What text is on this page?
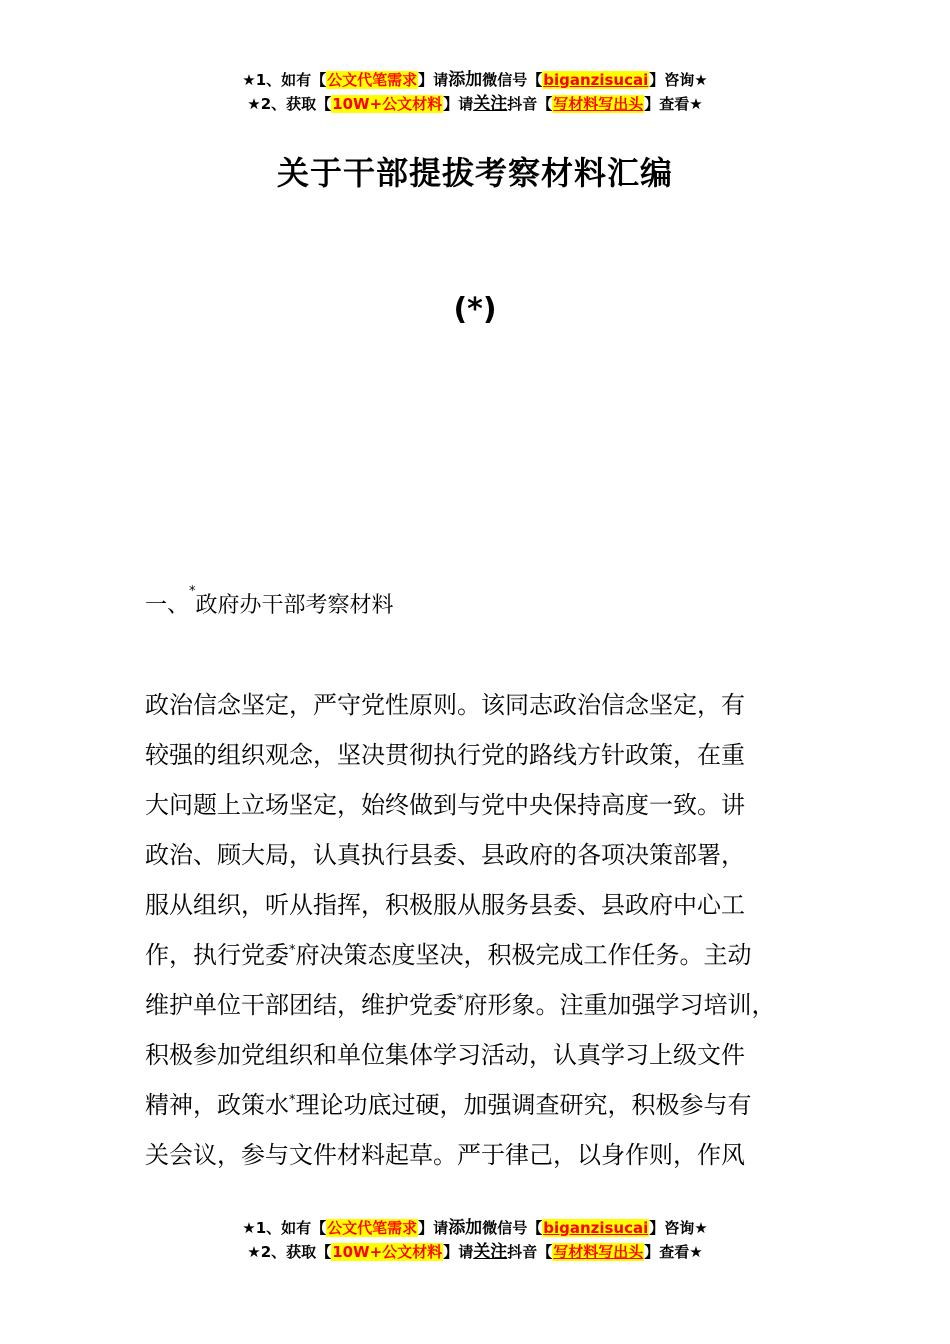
★1、如有【公文代笔需求】请添加微信号【biganzisucai】咨询★
★2、获取【10W+公文材料】请关注抖音【写材料写出头】查看★
关于干部提拔考察材料汇编
(*)
一、*政府办干部考察材料
政治信念坚定，严守党性原则。该同志政治信念坚定，有
较强的组织观念，坚决贯彻执行党的路线方针政策，在重
大问题上立场坚定，始终做到与党中央保持高度一致。讲
政治、顾大局，认真执行县委、县政府的各项决策部署，
服从组织，听从指挥，积极服从服务县委、县政府中心工
作，执行党委*府决策态度坚决，积极完成工作任务。主动
维护单位干部团结，维护党委*府形象。注重加强学习培训，
积极参加党组织和单位集体学习活动，认真学习上级文件
精神，政策水*理论功底过硬，加强调查研究，积极参与有
关会议，参与文件材料起草。严于律己，以身作则，作风
★1、如有【公文代笔需求】请添加微信号【biganzisucai】咨询★
★2、获取【10W+公文材料】请关注抖音【写材料写出头】查看★
